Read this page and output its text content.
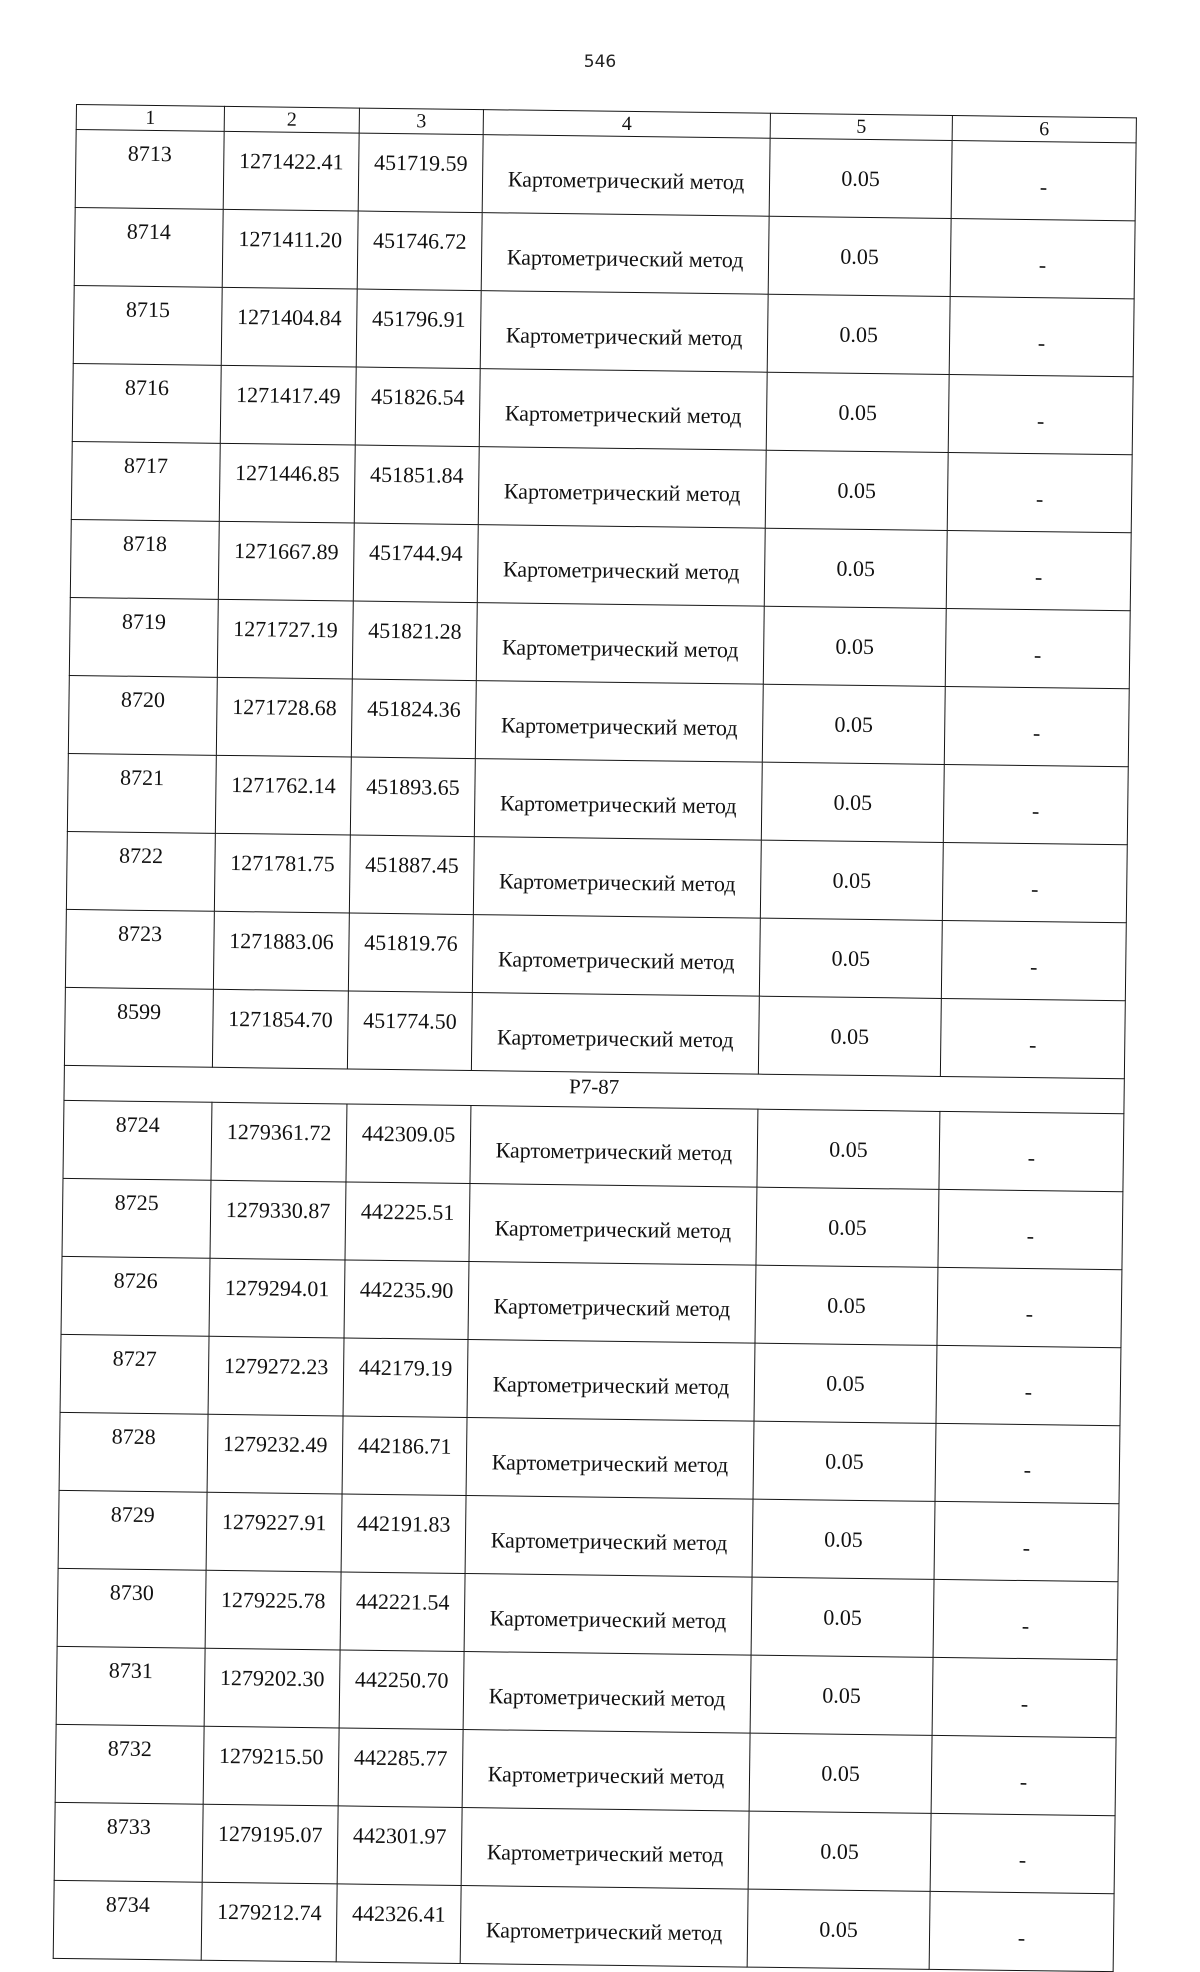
546
1	2	3	4	5	6
8713	1271422.41	451719.59	Картометрический метод	0.05	-
8714	1271411.20	451746.72	Картометрический метод	0.05	-
8715	1271404.84	451796.91	Картометрический метод	0.05	-
8716	1271417.49	451826.54	Картометрический метод	0.05	-
8717	1271446.85	451851.84	Картометрический метод	0.05	-
8718	1271667.89	451744.94	Картометрический метод	0.05	-
8719	1271727.19	451821.28	Картометрический метод	0.05	-
8720	1271728.68	451824.36	Картометрический метод	0.05	-
8721	1271762.14	451893.65	Картометрический метод	0.05	-
8722	1271781.75	451887.45	Картометрический метод	0.05	-
8723	1271883.06	451819.76	Картометрический метод	0.05	-
8599	1271854.70	451774.50	Картометрический метод	0.05	-
Р7-87					
8724	1279361.72	442309.05	Картометрический метод	0.05	-
8725	1279330.87	442225.51	Картометрический метод	0.05	-
8726	1279294.01	442235.90	Картометрический метод	0.05	-
8727	1279272.23	442179.19	Картометрический метод	0.05	-
8728	1279232.49	442186.71	Картометрический метод	0.05	-
8729	1279227.91	442191.83	Картометрический метод	0.05	-
8730	1279225.78	442221.54	Картометрический метод	0.05	-
8731	1279202.30	442250.70	Картометрический метод	0.05	-
8732	1279215.50	442285.77	Картометрический метод	0.05	-
8733	1279195.07	442301.97	Картометрический метод	0.05	-
8734	1279212.74	442326.41	Картометрический метод	0.05	-
